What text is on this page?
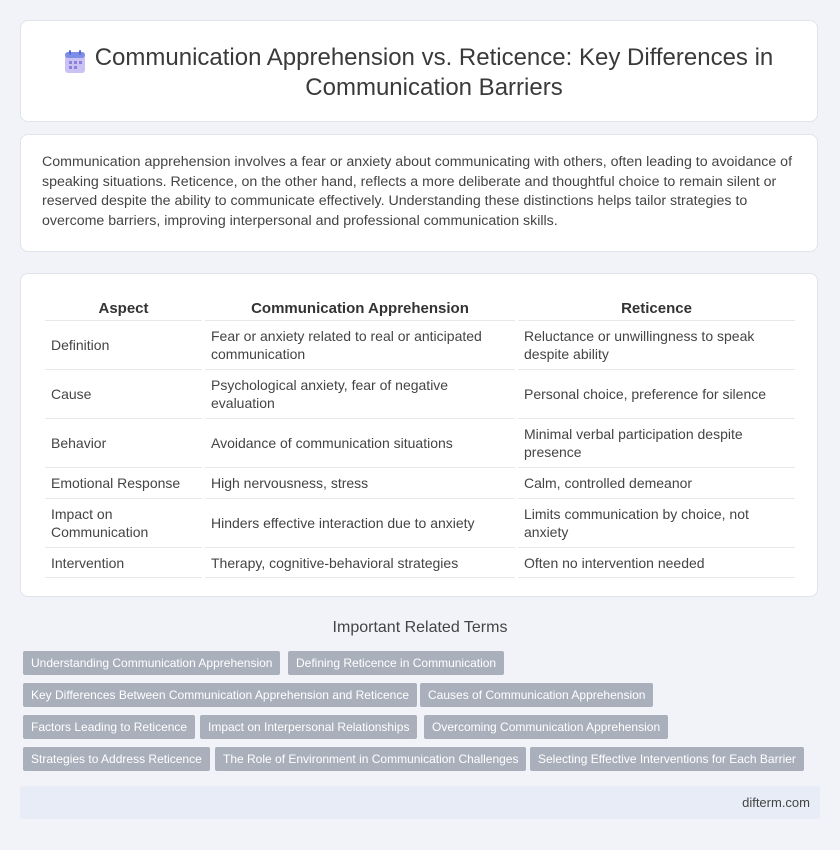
Communication Apprehension vs. Reticence: Key Differences in Communication Barriers

Communication apprehension involves a fear or anxiety about communicating with others, often leading to avoidance of speaking situations. Reticence, on the other hand, reflects a more deliberate and thoughtful choice to remain silent or reserved despite the ability to communicate effectively. Understanding these distinctions helps tailor strategies to overcome barriers, improving interpersonal and professional communication skills.

Aspect	Communication Apprehension	Reticence
Definition	Fear or anxiety related to real or anticipated communication	Reluctance or unwillingness to speak despite ability
Cause	Psychological anxiety, fear of negative evaluation	Personal choice, preference for silence
Behavior	Avoidance of communication situations	Minimal verbal participation despite presence
Emotional Response	High nervousness, stress	Calm, controlled demeanor
Impact on Communication	Hinders effective interaction due to anxiety	Limits communication by choice, not anxiety
Intervention	Therapy, cognitive-behavioral strategies	Often no intervention needed
Important Related Terms
Understanding Communication Apprehension	Defining Reticence in Communication
Key Differences Between Communication Apprehension and Reticence	Causes of Communication Apprehension
Factors Leading to Reticence	Impact on Interpersonal Relationships	Overcoming Communication Apprehension
Strategies to Address Reticence	The Role of Environment in Communication Challenges	Selecting Effective Interventions for Each Barrier
difterm.com
